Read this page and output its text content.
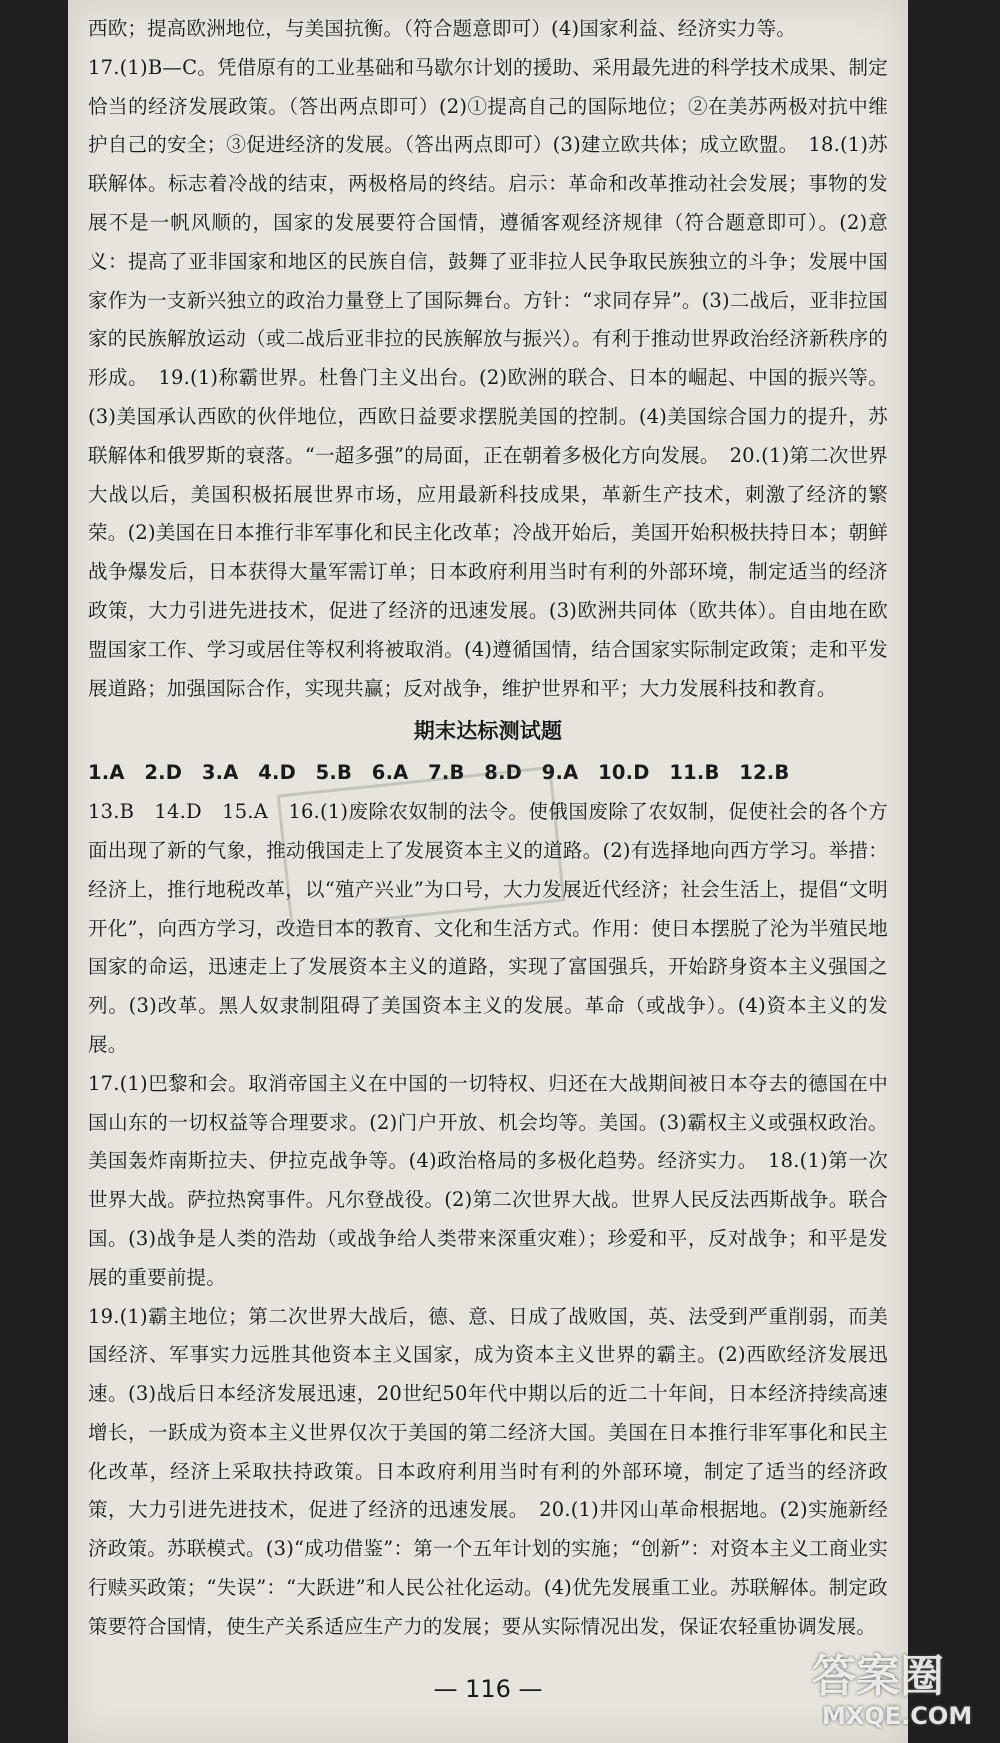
西欧；提高欧洲地位，与美国抗衡。（符合题意即可）(4)国家利益、经济实力等。

17.(1)B—C。凭借原有的工业基础和马歇尔计划的援助、采用最先进的科学技术成果、制定恰当的经济发展政策。（答出两点即可）(2)①提高自己的国际地位；②在美苏两极对抗中维护自己的安全；③促进经济的发展。（答出两点即可）(3)建立欧共体；成立欧盟。　18.(1)苏联解体。标志着冷战的结束，两极格局的终结。启示：革命和改革推动社会发展；事物的发展不是一帆风顺的，国家的发展要符合国情，遵循客观经济规律（符合题意即可）。(2)意义：提高了亚非国家和地区的民族自信，鼓舞了亚非拉人民争取民族独立的斗争；发展中国家作为一支新兴独立的政治力量登上了国际舞台。方针：“求同存异”。(3)二战后，亚非拉国家的民族解放运动（或二战后亚非拉的民族解放与振兴）。有利于推动世界政治经济新秩序的形成。　19.(1)称霸世界。杜鲁门主义出台。(2)欧洲的联合、日本的崛起、中国的振兴等。(3)美国承认西欧的伙伴地位，西欧日益要求摆脱美国的控制。(4)美国综合国力的提升，苏联解体和俄罗斯的衰落。“一超多强”的局面，正在朝着多极化方向发展。　20.(1)第二次世界大战以后，美国积极拓展世界市场，应用最新科技成果，革新生产技术，刺激了经济的繁荣。(2)美国在日本推行非军事化和民主化改革；冷战开始后，美国开始积极扶持日本；朝鲜战争爆发后，日本获得大量军需订单；日本政府利用当时有利的外部环境，制定适当的经济政策，大力引进先进技术，促进了经济的迅速发展。(3)欧洲共同体（欧共体）。自由地在欧盟国家工作、学习或居住等权利将被取消。(4)遵循国情，结合国家实际制定政策；走和平发展道路；加强国际合作，实现共赢；反对战争，维护世界和平；大力发展科技和教育。

期末达标测试题

1.A　2.D　3.A　4.D　5.B　6.A　7.B　8.D　9.A　10.D　11.B　12.B

13.B　14.D　15.A　16.(1)废除农奴制的法令。使俄国废除了农奴制，促使社会的各个方面出现了新的气象，推动俄国走上了发展资本主义的道路。(2)有选择地向西方学习。举措：经济上，推行地税改革，以“殖产兴业”为口号，大力发展近代经济；社会生活上，提倡“文明开化”，向西方学习，改造日本的教育、文化和生活方式。作用：使日本摆脱了沦为半殖民地国家的命运，迅速走上了发展资本主义的道路，实现了富国强兵，开始跻身资本主义强国之列。(3)改革。黑人奴隶制阻碍了美国资本主义的发展。革命（或战争）。(4)资本主义的发展。

17.(1)巴黎和会。取消帝国主义在中国的一切特权、归还在大战期间被日本夺去的德国在中国山东的一切权益等合理要求。(2)门户开放、机会均等。美国。(3)霸权主义或强权政治。美国轰炸南斯拉夫、伊拉克战争等。(4)政治格局的多极化趋势。经济实力。　18.(1)第一次世界大战。萨拉热窝事件。凡尔登战役。(2)第二次世界大战。世界人民反法西斯战争。联合国。(3)战争是人类的浩劫（或战争给人类带来深重灾难）；珍爱和平，反对战争；和平是发展的重要前提。

19.(1)霸主地位；第二次世界大战后，德、意、日成了战败国，英、法受到严重削弱，而美国经济、军事实力远胜其他资本主义国家，成为资本主义世界的霸主。(2)西欧经济发展迅速。(3)战后日本经济发展迅速，20世纪50年代中期以后的近二十年间，日本经济持续高速增长，一跃成为资本主义世界仅次于美国的第二经济大国。美国在日本推行非军事化和民主化改革，经济上采取扶持政策。日本政府利用当时有利的外部环境，制定了适当的经济政策，大力引进先进技术，促进了经济的迅速发展。　20.(1)井冈山革命根据地。(2)实施新经济政策。苏联模式。(3)“成功借鉴”：第一个五年计划的实施；“创新”：对资本主义工商业实行赎买政策；“失误”：“大跃进”和人民公社化运动。(4)优先发展重工业。苏联解体。制定政策要符合国情，使生产关系适应生产力的发展；要从实际情况出发，保证农轻重协调发展。

— 116 —	答案圈
MXQE.COM
